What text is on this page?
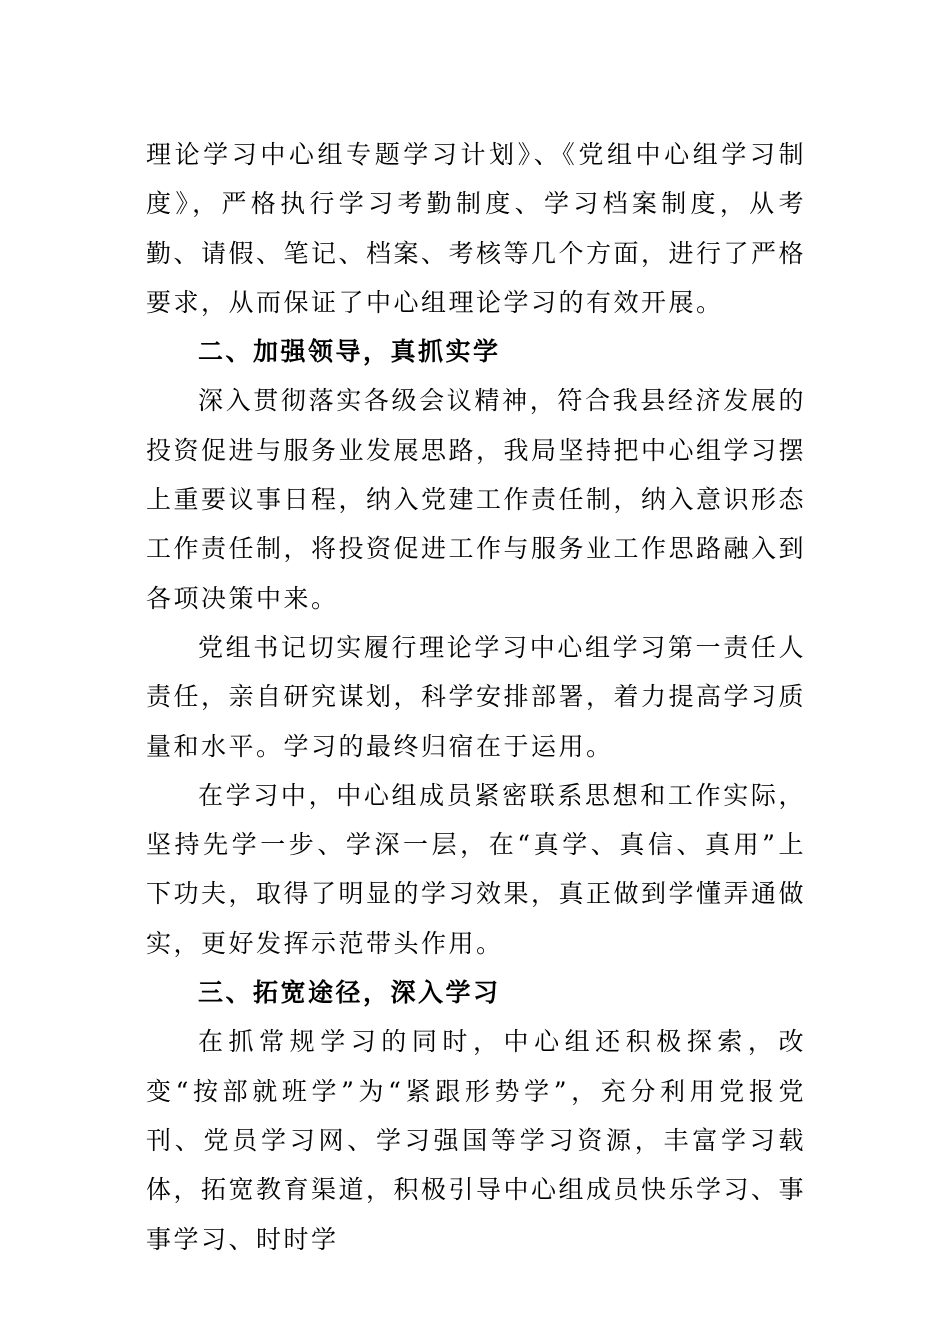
理论学习中心组专题学习计划》、《党组中心组学习制度》，严格执行学习考勤制度、学习档案制度，从考勤、请假、笔记、档案、考核等几个方面，进行了严格要求，从而保证了中心组理论学习的有效开展。

二、加强领导，真抓实学

深入贯彻落实各级会议精神，符合我县经济发展的投资促进与服务业发展思路，我局坚持把中心组学习摆上重要议事日程，纳入党建工作责任制，纳入意识形态工作责任制，将投资促进工作与服务业工作思路融入到各项决策中来。

党组书记切实履行理论学习中心组学习第一责任人责任，亲自研究谋划，科学安排部署，着力提高学习质量和水平。学习的最终归宿在于运用。

在学习中，中心组成员紧密联系思想和工作实际，坚持先学一步、学深一层，在“真学、真信、真用”上下功夫，取得了明显的学习效果，真正做到学懂弄通做实，更好发挥示范带头作用。

三、拓宽途径，深入学习

在抓常规学习的同时，中心组还积极探索，改变“按部就班学”为“紧跟形势学”，充分利用党报党刊、党员学习网、学习强国等学习资源，丰富学习载体，拓宽教育渠道，积极引导中心组成员快乐学习、事事学习、时时学
